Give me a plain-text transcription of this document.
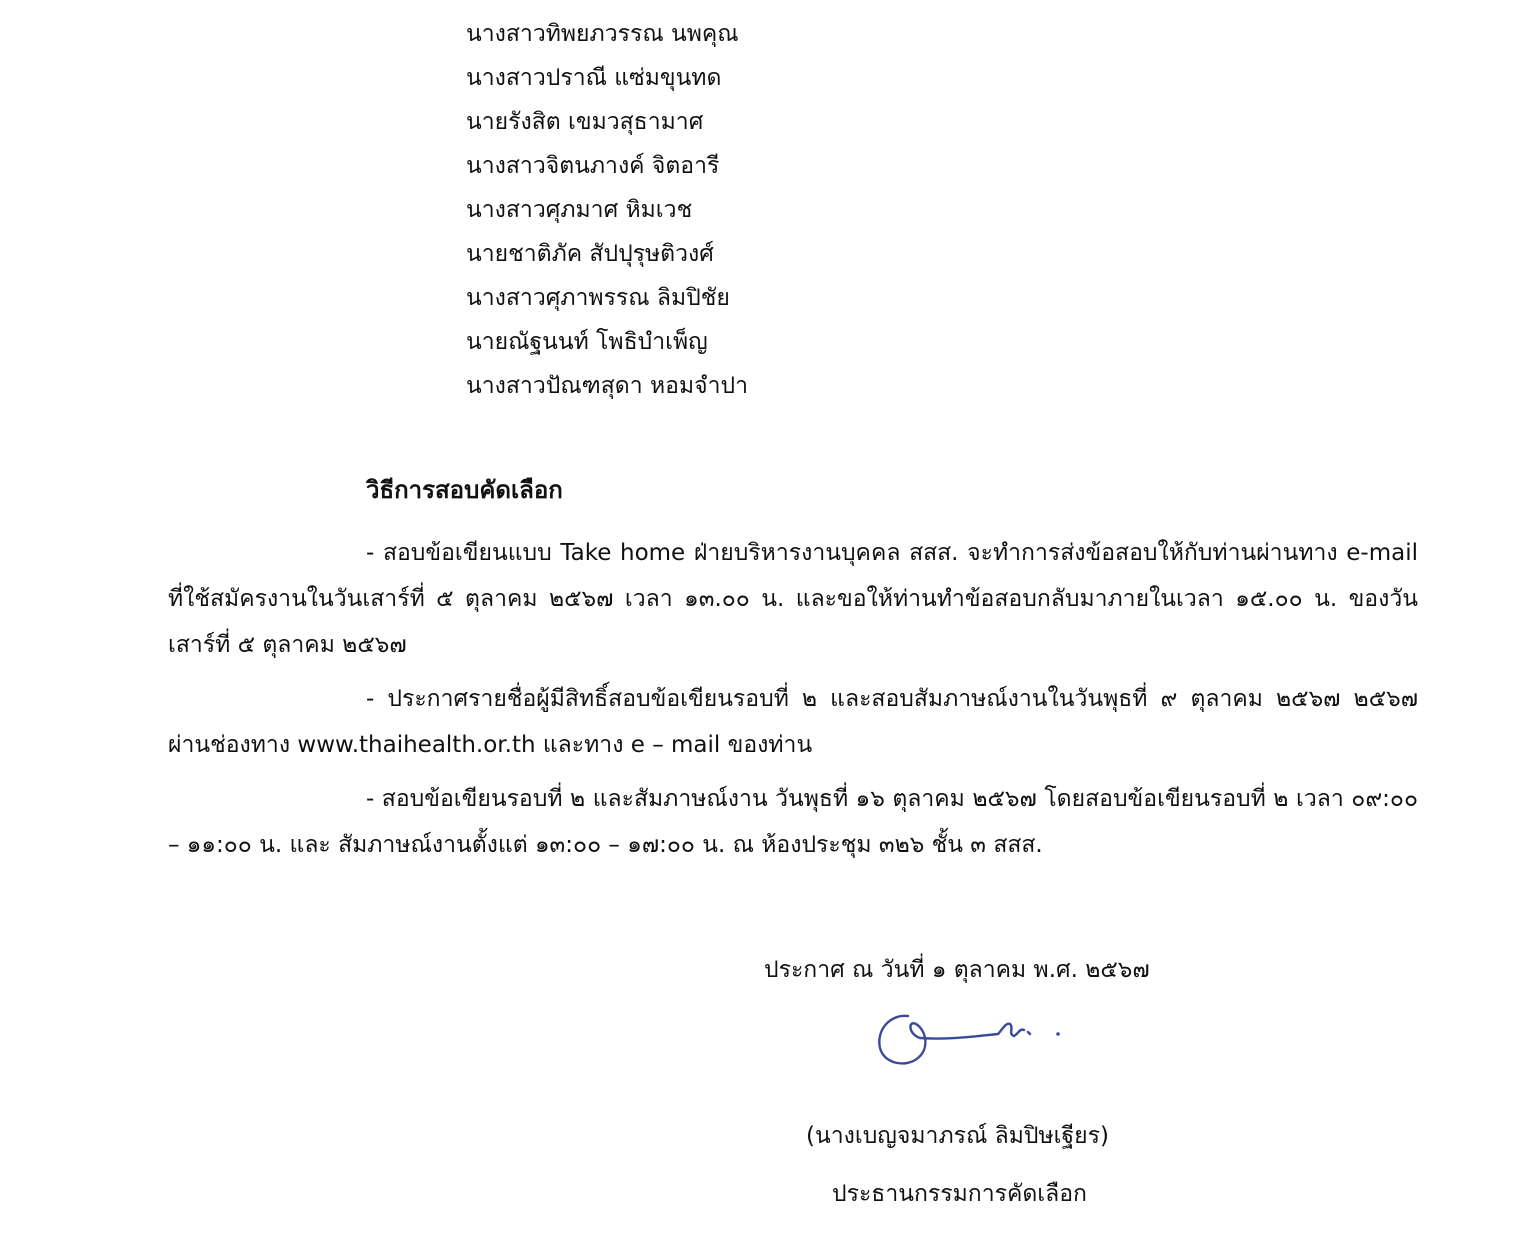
นางสาวทิพยภวรรณ นพคุณ
นางสาวปราณี แซ่มขุนทด
นายรังสิต เขมวสุธามาศ
นางสาวจิตนภางค์ จิตอารี
นางสาวศุภมาศ หิมเวช
นายชาติภัค สัปปุรุษติวงศ์
นางสาวศุภาพรรณ ลิมปิชัย
นายณัฐนนท์ โพธิบำเพ็ญ
นางสาวปัณฑสุดา หอมจำปา
วิธีการสอบคัดเลือก

- สอบข้อเขียนแบบ Take home ฝ่ายบริหารงานบุคคล สสส. จะทำการส่งข้อสอบให้กับท่านผ่านทาง e-mail ที่ใช้สมัครงานในวันเสาร์ที่ ๕ ตุลาคม ๒๕๖๗ เวลา ๑๓.๐๐ น. และขอให้ท่านทำข้อสอบกลับมาภายในเวลา ๑๕.๐๐ น. ของวันเสาร์ที่ ๕ ตุลาคม ๒๕๖๗

- ประกาศรายชื่อผู้มีสิทธิ์สอบข้อเขียนรอบที่ ๒ และสอบสัมภาษณ์งานในวันพุธที่ ๙ ตุลาคม ๒๕๖๗ ๒๕๖๗ ผ่านช่องทาง www.thaihealth.or.th และทาง e – mail ของท่าน

- สอบข้อเขียนรอบที่ ๒ และสัมภาษณ์งาน วันพุธที่ ๑๖ ตุลาคม ๒๕๖๗ โดยสอบข้อเขียนรอบที่ ๒ เวลา ๐๙:๐๐ – ๑๑:๐๐ น. และ สัมภาษณ์งานตั้งแต่ ๑๓:๐๐ – ๑๗:๐๐ น. ณ ห้องประชุม ๓๒๖ ชั้น ๓ สสส.

ประกาศ ณ วันที่ ๑ ตุลาคม พ.ศ. ๒๕๖๗
(นางเบญจมาภรณ์ ลิมปิษเฐียร)
ประธานกรรมการคัดเลือก
